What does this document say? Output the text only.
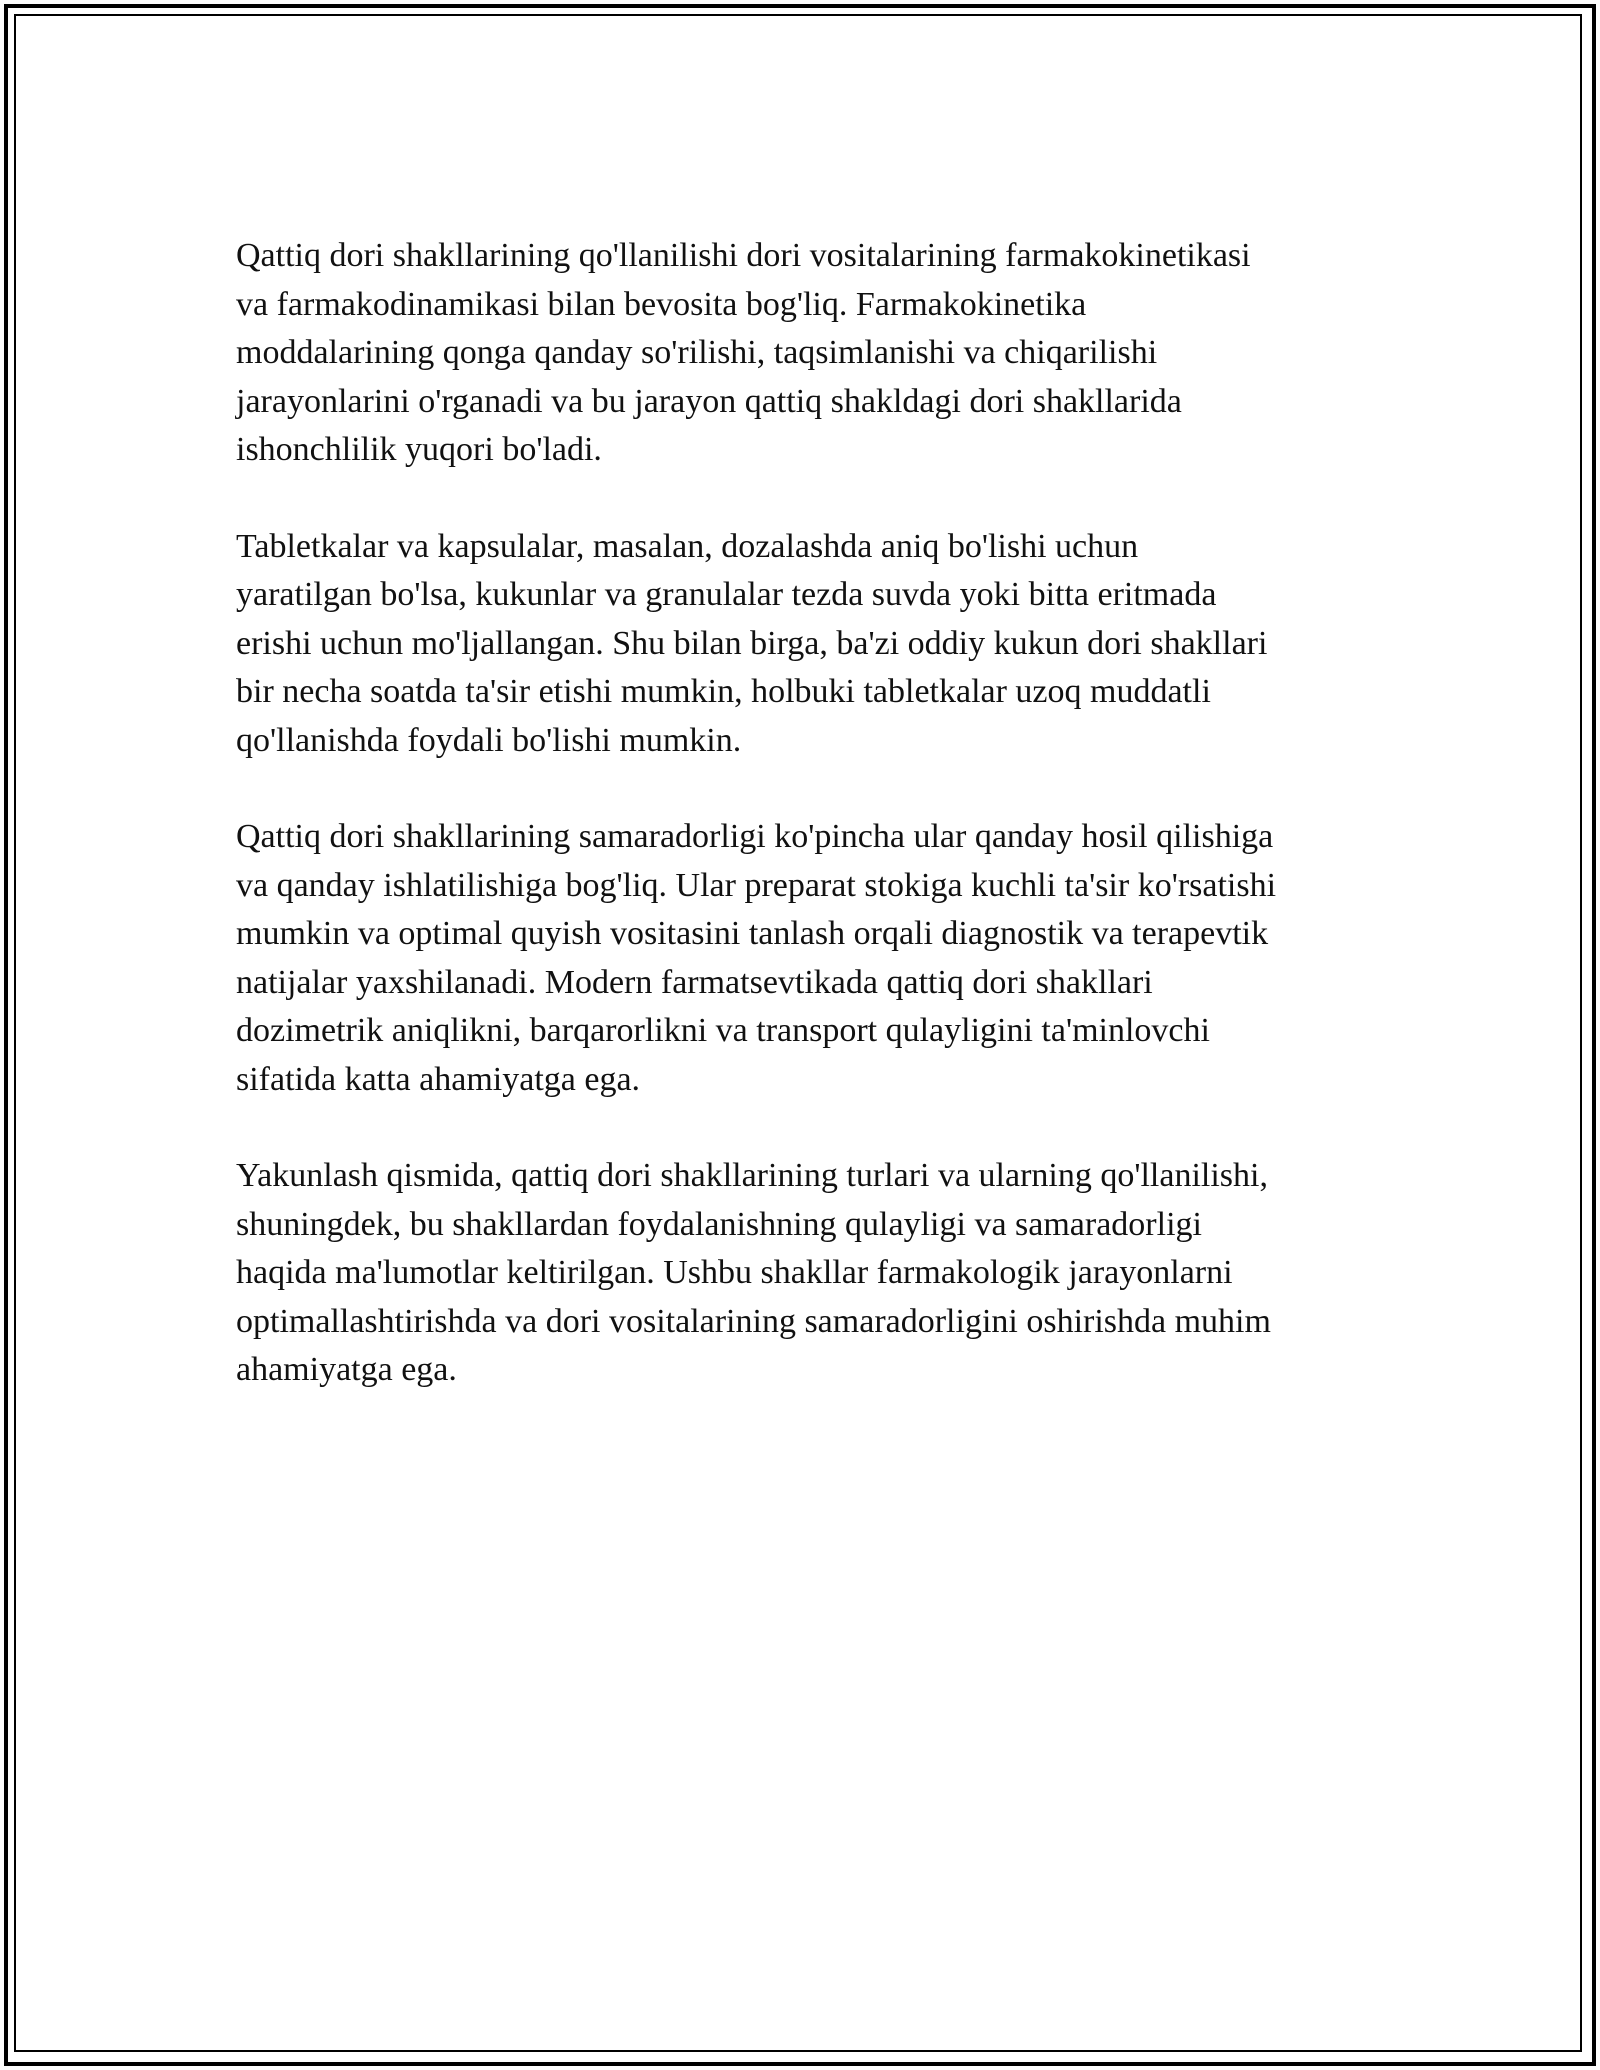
Qattiq dori shakllarining qo'llanilishi dori vositalarining farmakokinetikasi
va farmakodinamikasi bilan bevosita bog'liq. Farmakokinetika
moddalarining qonga qanday so'rilishi, taqsimlanishi va chiqarilishi
jarayonlarini o'rganadi va bu jarayon qattiq shakldagi dori shakllarida
ishonchlilik yuqori bo'ladi.

Tabletkalar va kapsulalar, masalan, dozalashda aniq bo'lishi uchun
yaratilgan bo'lsa, kukunlar va granulalar tezda suvda yoki bitta eritmada
erishi uchun mo'ljallangan. Shu bilan birga, ba'zi oddiy kukun dori shakllari
bir necha soatda ta'sir etishi mumkin, holbuki tabletkalar uzoq muddatli
qo'llanishda foydali bo'lishi mumkin.

Qattiq dori shakllarining samaradorligi ko'pincha ular qanday hosil qilishiga
va qanday ishlatilishiga bog'liq. Ular preparat stokiga kuchli ta'sir ko'rsatishi
mumkin va optimal quyish vositasini tanlash orqali diagnostik va terapevtik
natijalar yaxshilanadi. Modern farmatsevtikada qattiq dori shakllari
dozimetrik aniqlikni, barqarorlikni va transport qulayligini ta'minlovchi
sifatida katta ahamiyatga ega.

Yakunlash qismida, qattiq dori shakllarining turlari va ularning qo'llanilishi,
shuningdek, bu shakllardan foydalanishning qulayligi va samaradorligi
haqida ma'lumotlar keltirilgan. Ushbu shakllar farmakologik jarayonlarni
optimallashtirishda va dori vositalarining samaradorligini oshirishda muhim
ahamiyatga ega.
